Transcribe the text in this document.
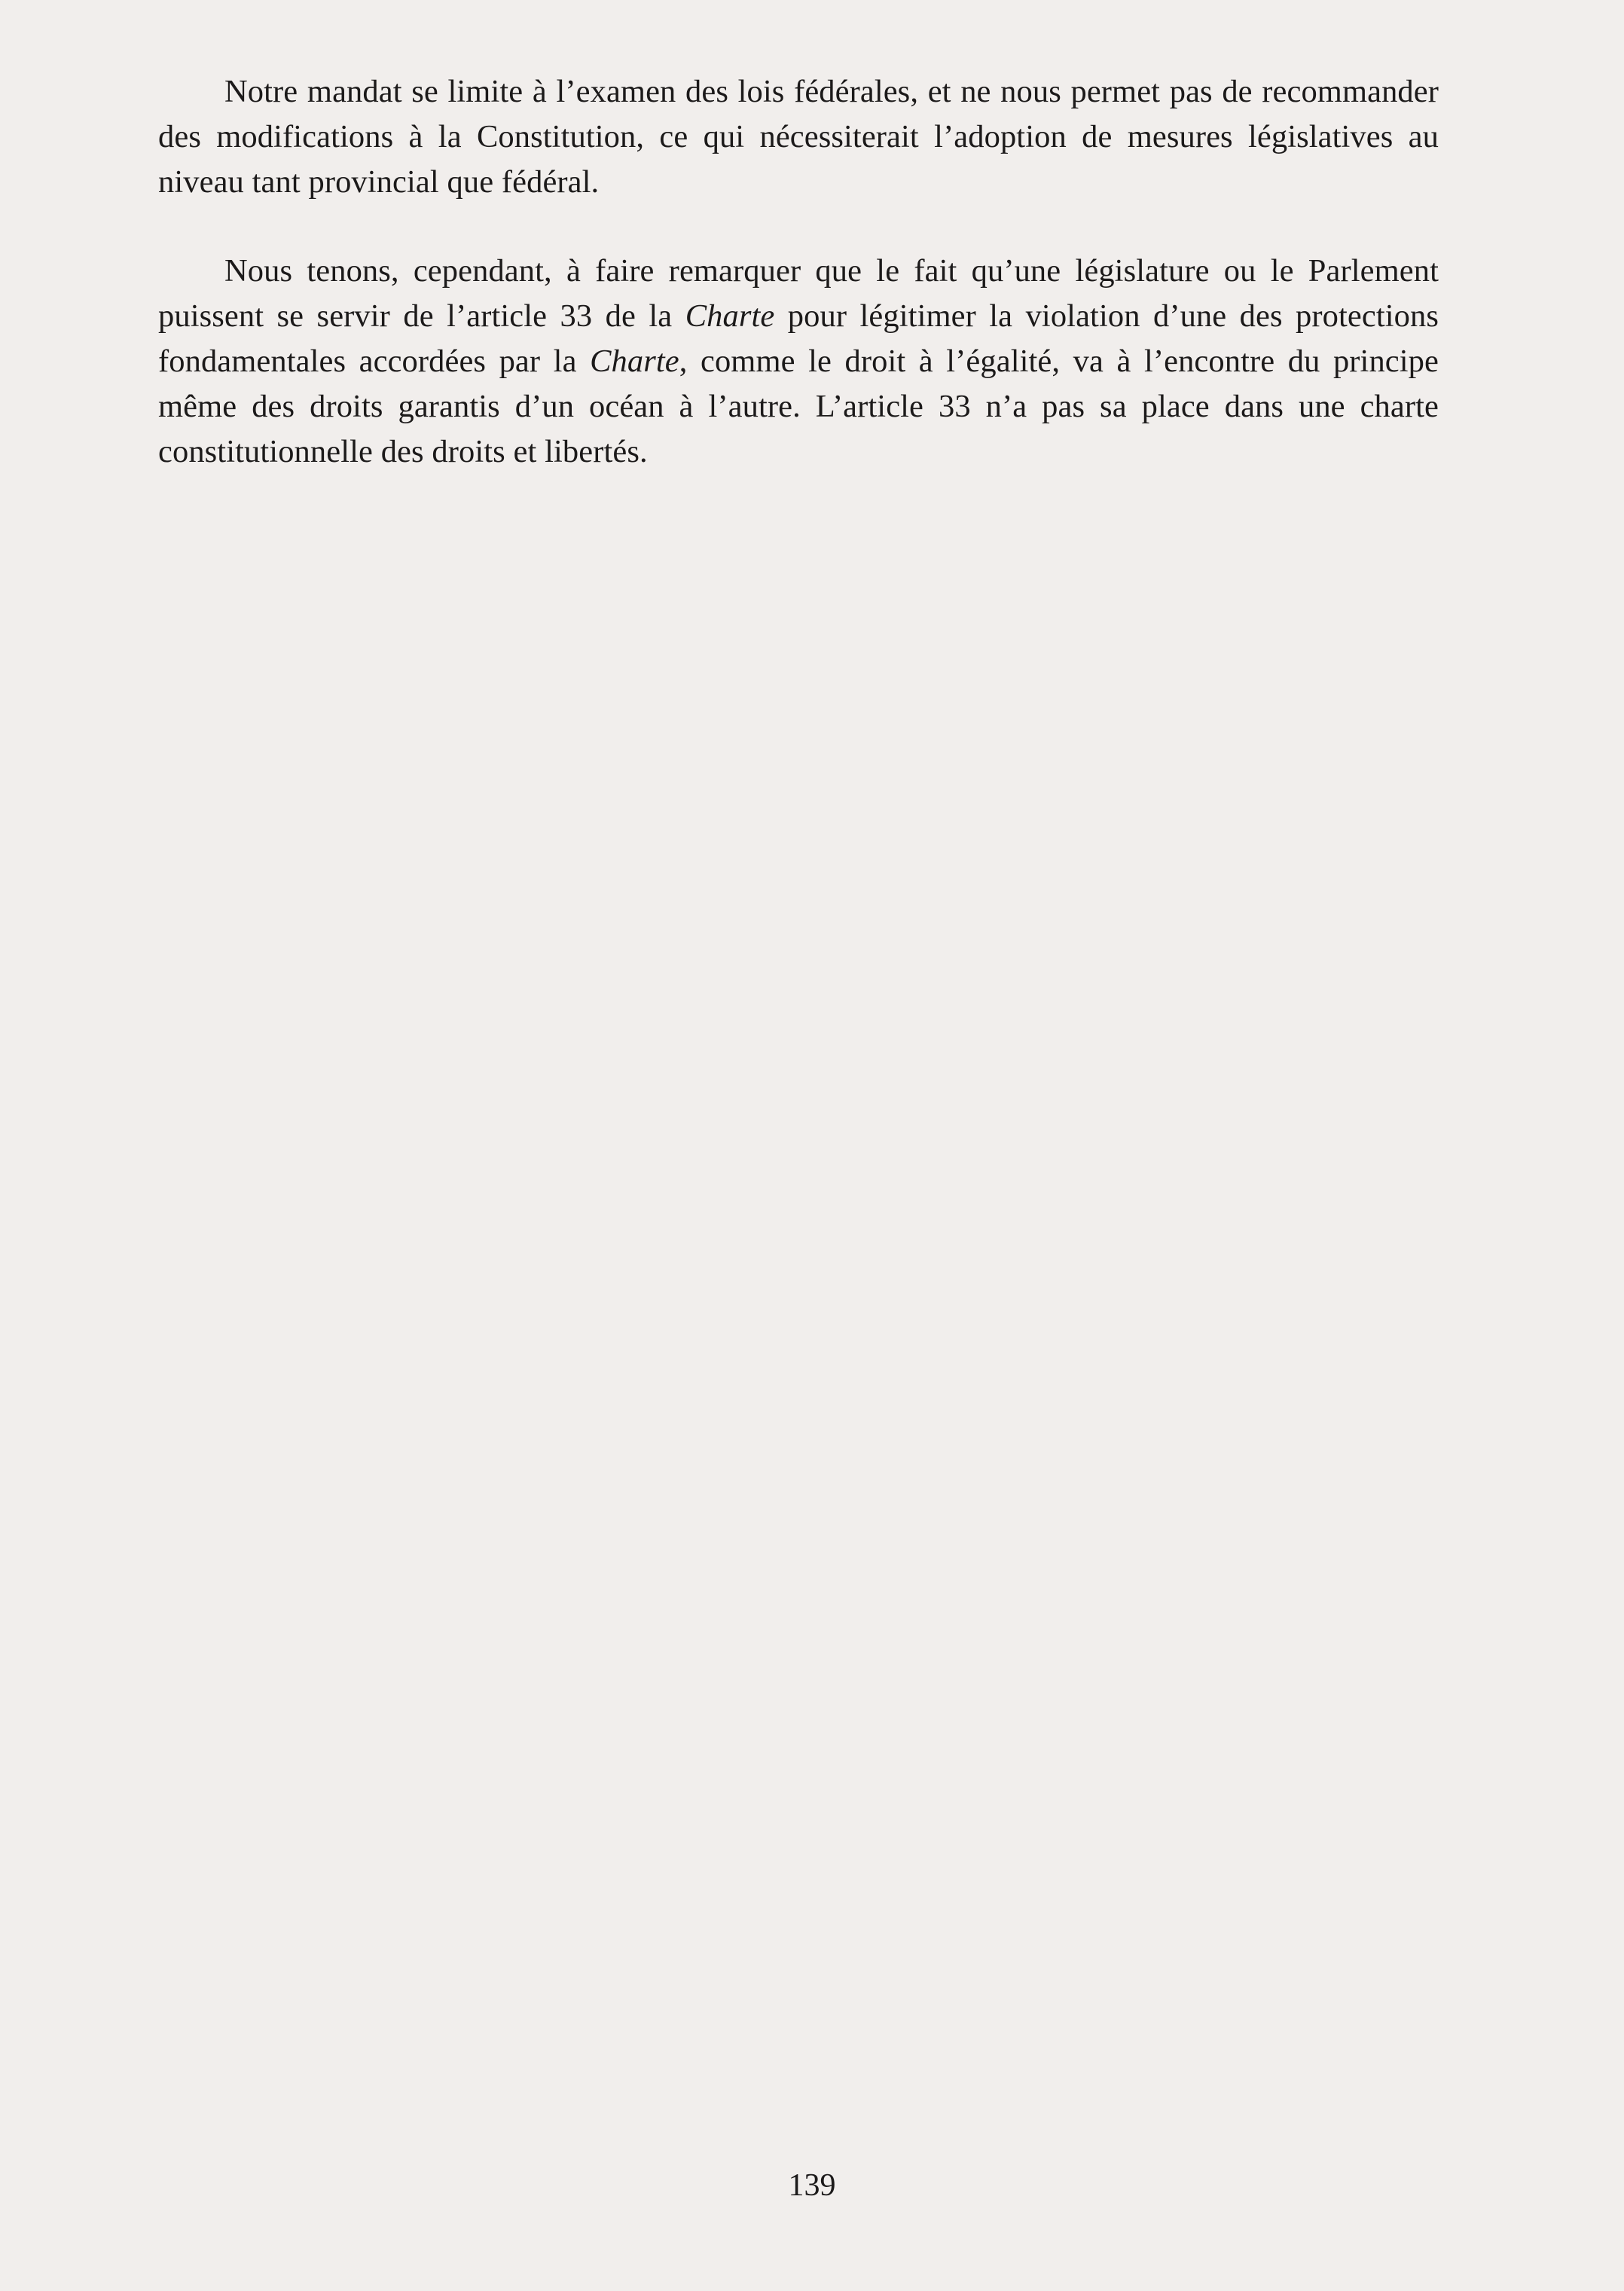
Notre mandat se limite à l’examen des lois fédérales, et ne nous permet pas de recommander des modifications à la Constitution, ce qui nécessiterait l’adoption de mesures législatives au niveau tant provincial que fédéral.

Nous tenons, cependant, à faire remarquer que le fait qu’une législature ou le Parlement puissent se servir de l’article 33 de la Charte pour légitimer la violation d’une des protections fondamentales accordées par la Charte, comme le droit à l’égalité, va à l’encontre du principe même des droits garantis d’un océan à l’autre. L’article 33 n’a pas sa place dans une charte constitutionnelle des droits et libertés.

139
